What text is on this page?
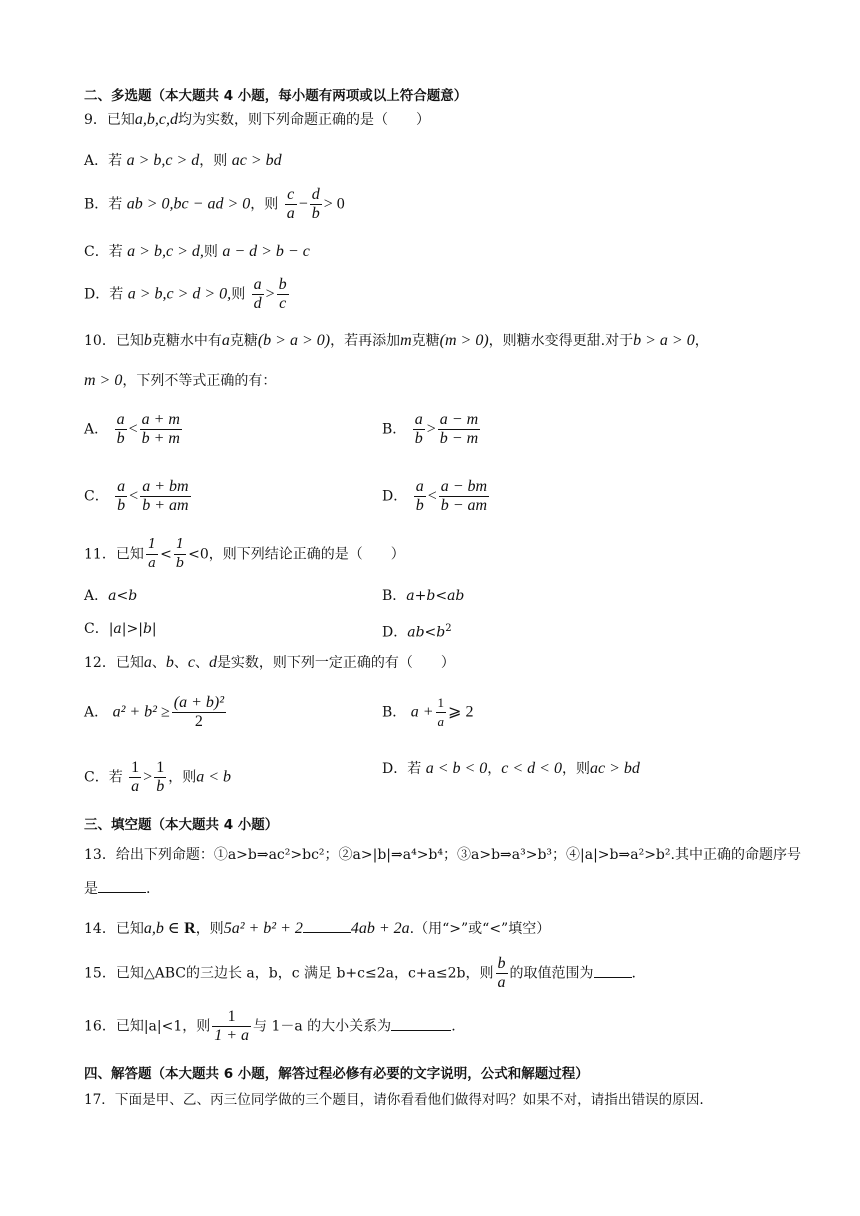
二、多选题（本大题共 4 小题，每小题有两项或以上符合题意）
9．已知a,b,c,d均为实数，则下列命题正确的是（　　）
A．若 a > b,c > d，则 ac > bd
B．若 ab > 0,bc − ad > 0，则 $\frac{c}{a} - \frac{d}{b} > 0$
C．若 a > b,c > d,则 a − d > b − c
D．若 a > b,c > d > 0,则 $\frac{a}{d} > \frac{b}{c}$
10．已知b克糖水中有a克糖(b > a > 0)，若再添加m克糖(m > 0)，则糖水变得更甜.对于b > a > 0，
m > 0，下列不等式正确的有：
A． $\frac{a}{b} < \frac{a + m}{b + m}$	B． $\frac{a}{b} > \frac{a - m}{b - m}$
C． $\frac{a}{b} < \frac{a + bm}{b + am}$	D． $\frac{a}{b} < \frac{a - bm}{b - am}$
11．已知 $\frac{1}{a} < \frac{1}{b} <0$，则下列结论正确的是（　　）
A．a<b	B．a+b<ab
C．|a|>|b|	D．$ab<b^2$
12．已知a、b、c、d是实数，则下列一定正确的有（　　）
A． $a^2 + b^2 \ge \frac{\text{(a + b)²}}{2}$	B． $a + \frac{1}{a}$ ⩾ 2
C．若 $\frac{1}{a} > \frac{1}{b}$ ，则a < b	D．若 a < b < 0，c < d < 0，则ac > bd
三、填空题（本大题共 4 小题）
13．给出下列命题：①a>b⇒ac²>bc²；②a>|b|⇒a⁴>b⁴；③a>b⇒a³>b³；④|a|>b⇒a²>b².其中正确的命题序号
是	.
14．已知a,b ∈ R，则5a² + b² + 2	4ab + 2a.（用“>”或“<”填空）
15．已知△ABC的三边长 a，b，c 满足 b+c≤2a，c+a≤2b，则 $\frac{b}{a}$ 的取值范围为	.
16．已知|a|<1，则 $\frac{1}{1 + a}$ 与 1－a 的大小关系为	.
四、解答题（本大题共 6 小题，解答过程必修有必要的文字说明，公式和解题过程）
17．下面是甲、乙、丙三位同学做的三个题目，请你看看他们做得对吗？如果不对，请指出错误的原因.
